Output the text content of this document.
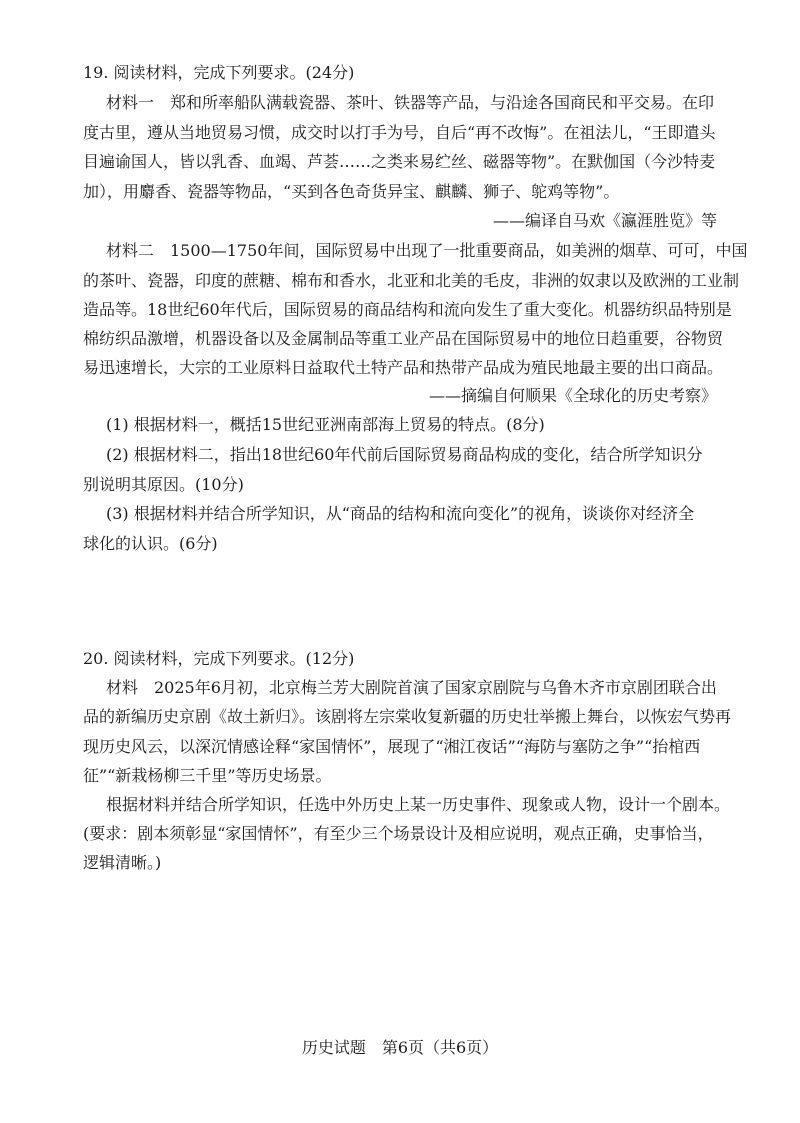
19. 阅读材料，完成下列要求。(24分)
材料一　郑和所率船队满载瓷器、茶叶、铁器等产品，与沿途各国商民和平交易。在印
度古里，遵从当地贸易习惯，成交时以打手为号，自后“再不改悔”。在祖法儿，“王即遣头
目遍谕国人，皆以乳香、血竭、芦荟……之类来易纻丝、磁器等物”。在默伽国（今沙特麦
加），用麝香、瓷器等物品，“买到各色奇货异宝、麒麟、狮子、鸵鸡等物”。
——编译自马欢《瀛涯胜览》等
材料二　1500—1750年间，国际贸易中出现了一批重要商品，如美洲的烟草、可可，中国
的茶叶、瓷器，印度的蔗糖、棉布和香水，北亚和北美的毛皮，非洲的奴隶以及欧洲的工业制
造品等。18世纪60年代后，国际贸易的商品结构和流向发生了重大变化。机器纺织品特别是
棉纺织品激增，机器设备以及金属制品等重工业产品在国际贸易中的地位日趋重要，谷物贸
易迅速增长，大宗的工业原料日益取代土特产品和热带产品成为殖民地最主要的出口商品。
——摘编自何顺果《全球化的历史考察》
(1) 根据材料一，概括15世纪亚洲南部海上贸易的特点。(8分)
(2) 根据材料二，指出18世纪60年代前后国际贸易商品构成的变化，结合所学知识分
别说明其原因。(10分)
(3) 根据材料并结合所学知识，从“商品的结构和流向变化”的视角，谈谈你对经济全
球化的认识。(6分)
20. 阅读材料，完成下列要求。(12分)
材料　2025年6月初，北京梅兰芳大剧院首演了国家京剧院与乌鲁木齐市京剧团联合出
品的新编历史京剧《故土新归》。该剧将左宗棠收复新疆的历史壮举搬上舞台，以恢宏气势再
现历史风云，以深沉情感诠释“家国情怀”，展现了“湘江夜话”“海防与塞防之争”“抬棺西
征”“新栽杨柳三千里”等历史场景。
根据材料并结合所学知识，任选中外历史上某一历史事件、现象或人物，设计一个剧本。
(要求：剧本须彰显“家国情怀”，有至少三个场景设计及相应说明，观点正确，史事恰当，
逻辑清晰。)
历史试题　第6页（共6页）
